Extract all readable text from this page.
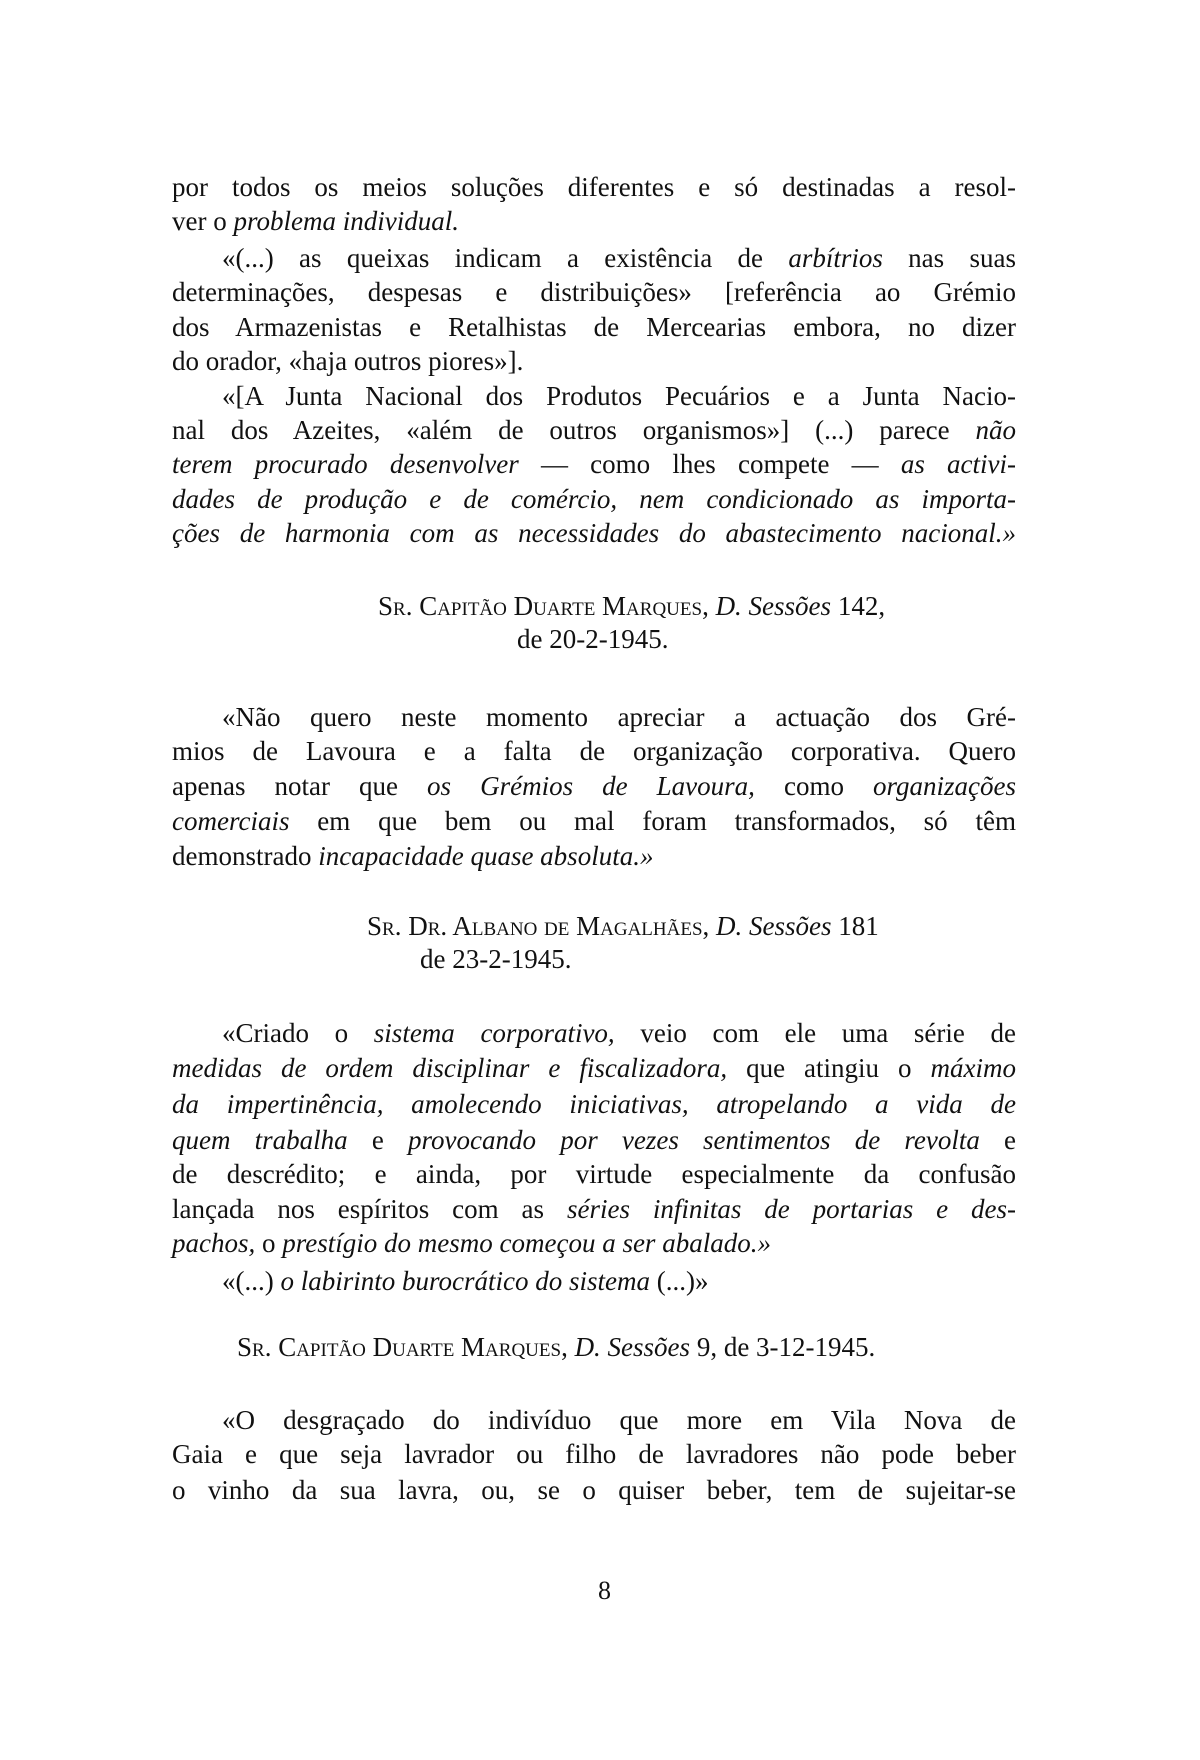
8
por todos os meios soluções diferentes e só destinadas a resol-
ver o problema individual.
«(...) as queixas indicam a existência de arbítrios nas suas
determinações, despesas e distribuições» [referência ao Grémio
dos Armazenistas e Retalhistas de Mercearias embora, no dizer
do orador, «haja outros piores»].
«[A Junta Nacional dos Produtos Pecuários e a Junta Nacio-
nal dos Azeites, «além de outros organismos»] (...) parece não
terem procurado desenvolver — como lhes compete — as activi-
dades de produção e de comércio, nem condicionado as importa-
ções de harmonia com as necessidades do abastecimento nacional.»
Sr. Capitão Duarte Marques, D. Sessões 142,
de 20-2-1945.
«Não quero neste momento apreciar a actuação dos Gré-
mios de Lavoura e a falta de organização corporativa. Quero
apenas notar que os Grémios de Lavoura, como organizações
comerciais em que bem ou mal foram transformados, só têm
demonstrado incapacidade quase absoluta.»
Sr. Dr. Albano de Magalhães, D. Sessões 181
de 23-2-1945.
«Criado o sistema corporativo, veio com ele uma série de
medidas de ordem disciplinar e fiscalizadora, que atingiu o máximo
da impertinência, amolecendo iniciativas, atropelando a vida de
quem trabalha e provocando por vezes sentimentos de revolta e
de descrédito; e ainda, por virtude especialmente da confusão
lançada nos espíritos com as séries infinitas de portarias e des-
pachos, o prestígio do mesmo começou a ser abalado.»
«(...) o labirinto burocrático do sistema (...)»
Sr. Capitão Duarte Marques, D. Sessões 9, de 3-12-1945.
«O desgraçado do indivíduo que more em Vila Nova de
Gaia e que seja lavrador ou filho de lavradores não pode beber
o vinho da sua lavra, ou, se o quiser beber, tem de sujeitar-se
